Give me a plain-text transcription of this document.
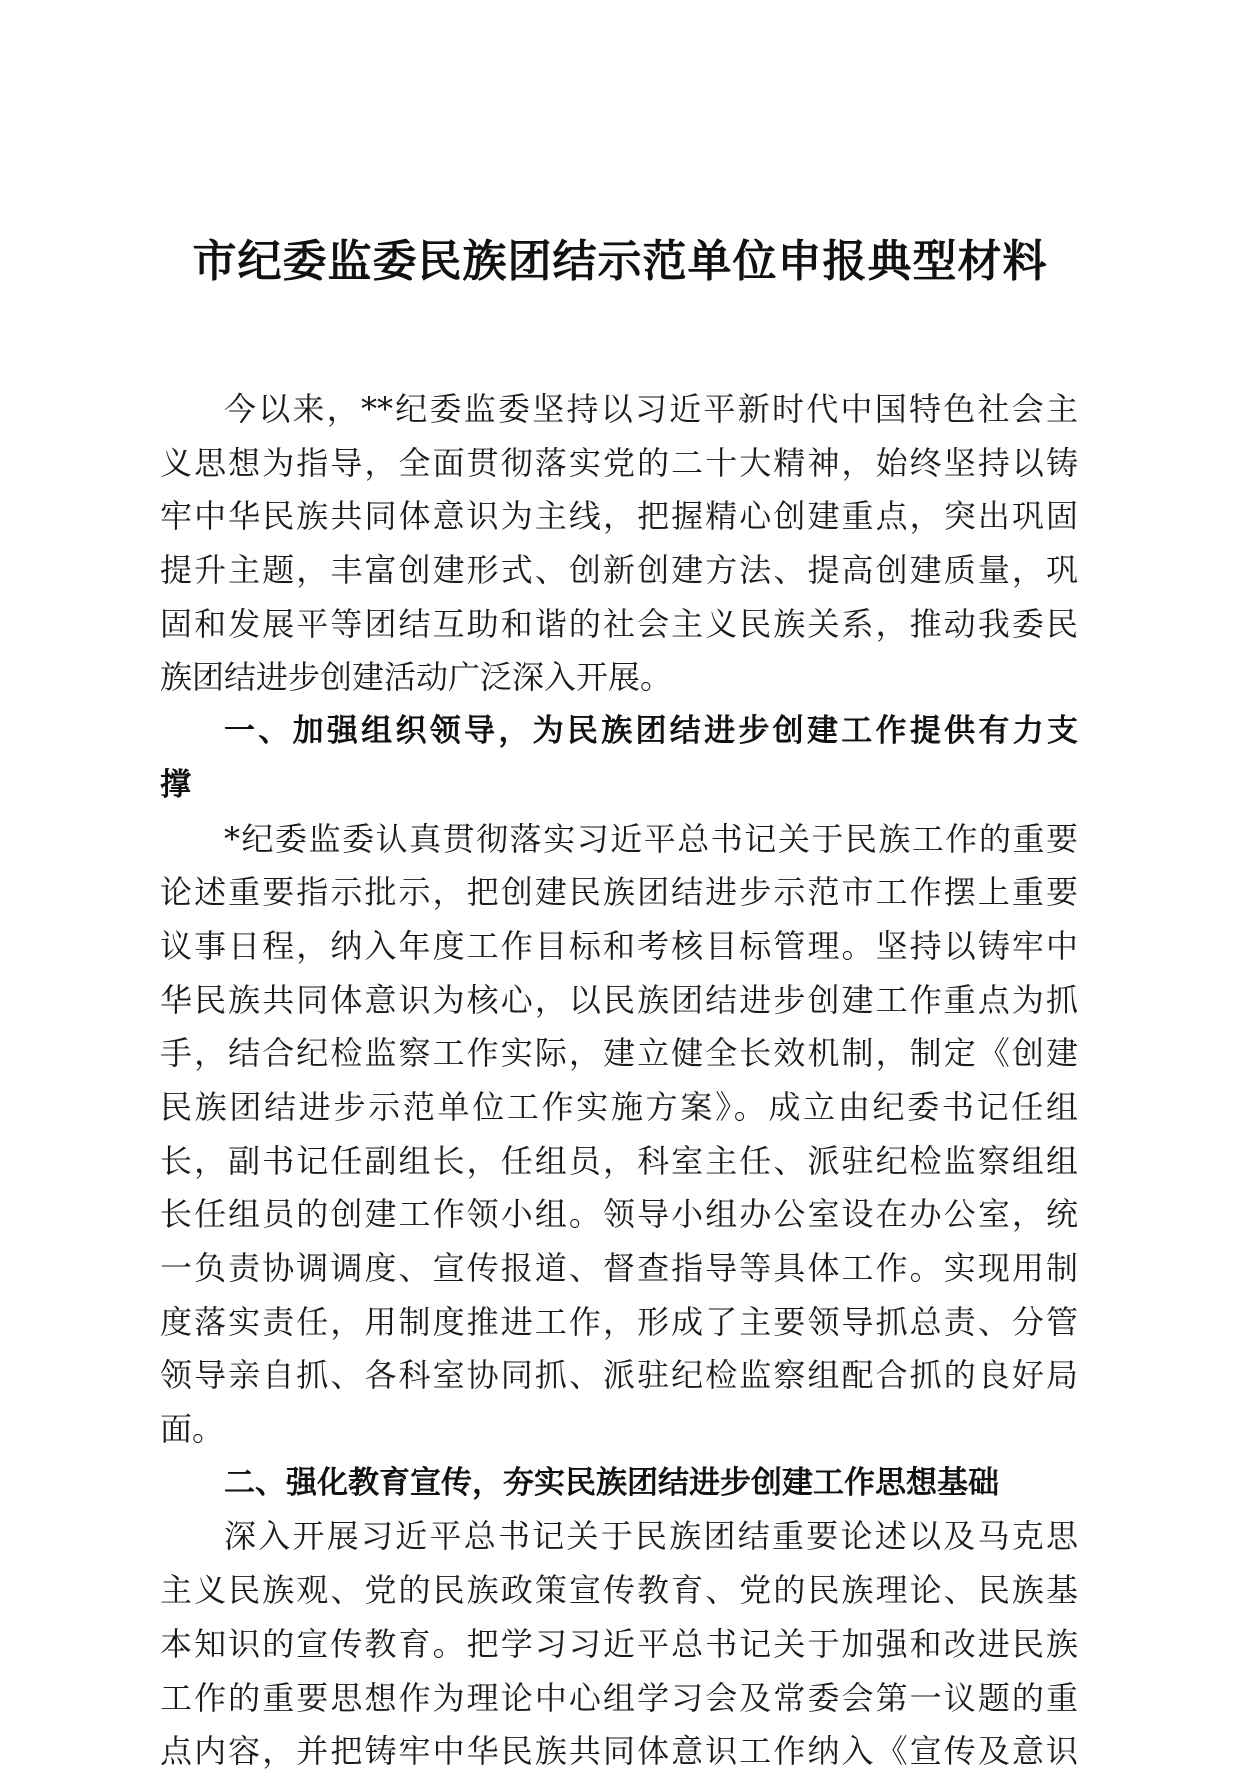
市纪委监委民族团结示范单位申报典型材料
今以来，**纪委监委坚持以习近平新时代中国特色社会主
义思想为指导，全面贯彻落实党的二十大精神，始终坚持以铸
牢中华民族共同体意识为主线，把握精心创建重点，突出巩固
提升主题，丰富创建形式、创新创建方法、提高创建质量，巩
固和发展平等团结互助和谐的社会主义民族关系，推动我委民
族团结进步创建活动广泛深入开展。
一、加强组织领导，为民族团结进步创建工作提供有力支
撑
*纪委监委认真贯彻落实习近平总书记关于民族工作的重要
论述重要指示批示，把创建民族团结进步示范市工作摆上重要
议事日程，纳入年度工作目标和考核目标管理。坚持以铸牢中
华民族共同体意识为核心，以民族团结进步创建工作重点为抓
手，结合纪检监察工作实际，建立健全长效机制，制定《创建
民族团结进步示范单位工作实施方案》。成立由纪委书记任组
长，副书记任副组长，任组员，科室主任、派驻纪检监察组组
长任组员的创建工作领小组。领导小组办公室设在办公室，统
一负责协调调度、宣传报道、督查指导等具体工作。实现用制
度落实责任，用制度推进工作，形成了主要领导抓总责、分管
领导亲自抓、各科室协同抓、派驻纪检监察组配合抓的良好局
面。
二、强化教育宣传，夯实民族团结进步创建工作思想基础
深入开展习近平总书记关于民族团结重要论述以及马克思
主义民族观、党的民族政策宣传教育、党的民族理论、民族基
本知识的宣传教育。把学习习近平总书记关于加强和改进民族
工作的重要思想作为理论中心组学习会及常委会第一议题的重
点内容，并把铸牢中华民族共同体意识工作纳入《宣传及意识
